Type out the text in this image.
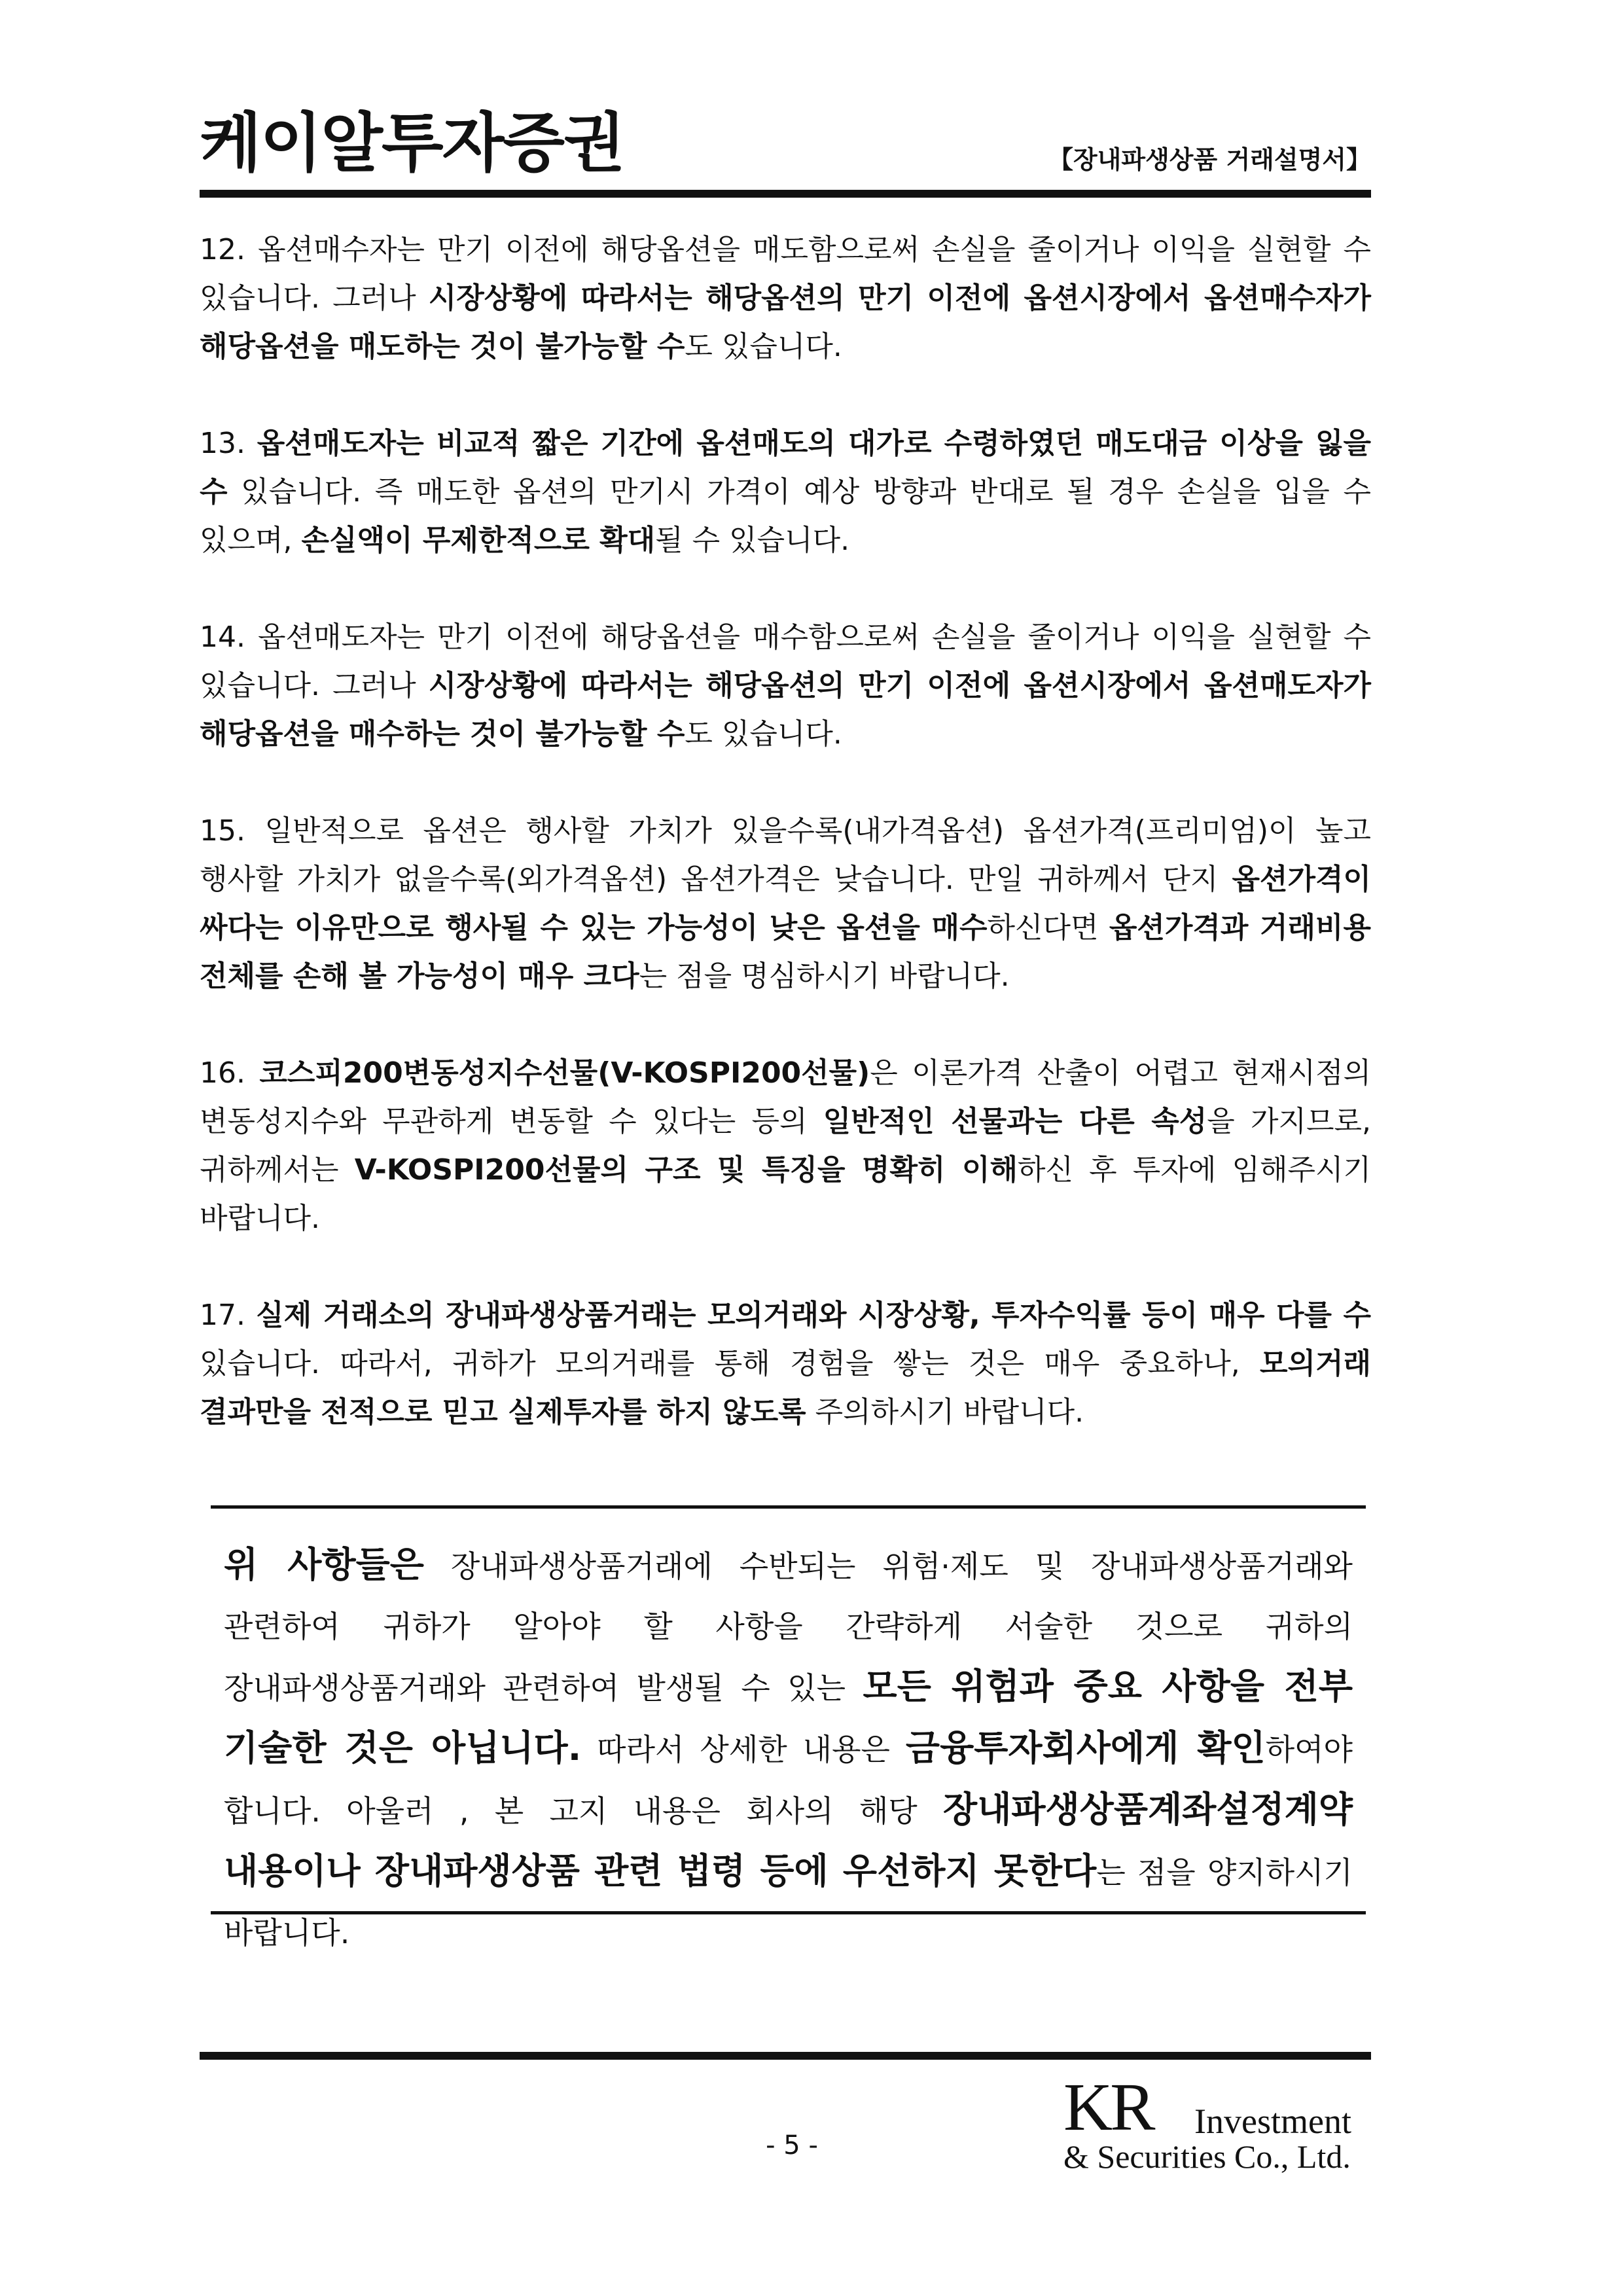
케이알투자증권	【장내파생상품 거래설명서】

12. 옵션매수자는 만기 이전에 해당옵션을 매도함으로써 손실을 줄이거나 이익을 실현할 수 있습니다. 그러나 시장상황에 따라서는 해당옵션의 만기 이전에 옵션시장에서 옵션매수자가 해당옵션을 매도하는 것이 불가능할 수도 있습니다.

13. 옵션매도자는 비교적 짧은 기간에 옵션매도의 대가로 수령하였던 매도대금 이상을 잃을 수 있습니다. 즉 매도한 옵션의 만기시 가격이 예상 방향과 반대로 될 경우 손실을 입을 수 있으며, 손실액이 무제한적으로 확대될 수 있습니다.

14. 옵션매도자는 만기 이전에 해당옵션을 매수함으로써 손실을 줄이거나 이익을 실현할 수 있습니다. 그러나 시장상황에 따라서는 해당옵션의 만기 이전에 옵션시장에서 옵션매도자가 해당옵션을 매수하는 것이 불가능할 수도 있습니다.

15. 일반적으로 옵션은 행사할 가치가 있을수록(내가격옵션) 옵션가격(프리미엄)이 높고 행사할 가치가 없을수록(외가격옵션) 옵션가격은 낮습니다. 만일 귀하께서 단지 옵션가격이 싸다는 이유만으로 행사될 수 있는 가능성이 낮은 옵션을 매수하신다면 옵션가격과 거래비용 전체를 손해 볼 가능성이 매우 크다는 점을 명심하시기 바랍니다.

16. 코스피200변동성지수선물(V-KOSPI200선물)은 이론가격 산출이 어렵고 현재시점의 변동성지수와 무관하게 변동할 수 있다는 등의 일반적인 선물과는 다른 속성을 가지므로, 귀하께서는 V-KOSPI200선물의 구조 및 특징을 명확히 이해하신 후 투자에 임해주시기 바랍니다.

17. 실제 거래소의 장내파생상품거래는 모의거래와 시장상황, 투자수익률 등이 매우 다를 수 있습니다. 따라서, 귀하가 모의거래를 통해 경험을 쌓는 것은 매우 중요하나, 모의거래 결과만을 전적으로 믿고 실제투자를 하지 않도록 주의하시기 바랍니다.

위 사항들은 장내파생상품거래에 수반되는 위험·제도 및 장내파생상품거래와 관련하여 귀하가 알아야 할 사항을 간략하게 서술한 것으로 귀하의 장내파생상품거래와 관련하여 발생될 수 있는 모든 위험과 중요 사항을 전부 기술한 것은 아닙니다. 따라서 상세한 내용은 금융투자회사에게 확인하여야 합니다. 아울러 , 본 고지 내용은 회사의 해당 장내파생상품계좌설정계약 내용이나 장내파생상품 관련 법령 등에 우선하지 못한다는 점을 양지하시기 바랍니다.

- 5 -
KR Investment
& Securities Co., Ltd.
